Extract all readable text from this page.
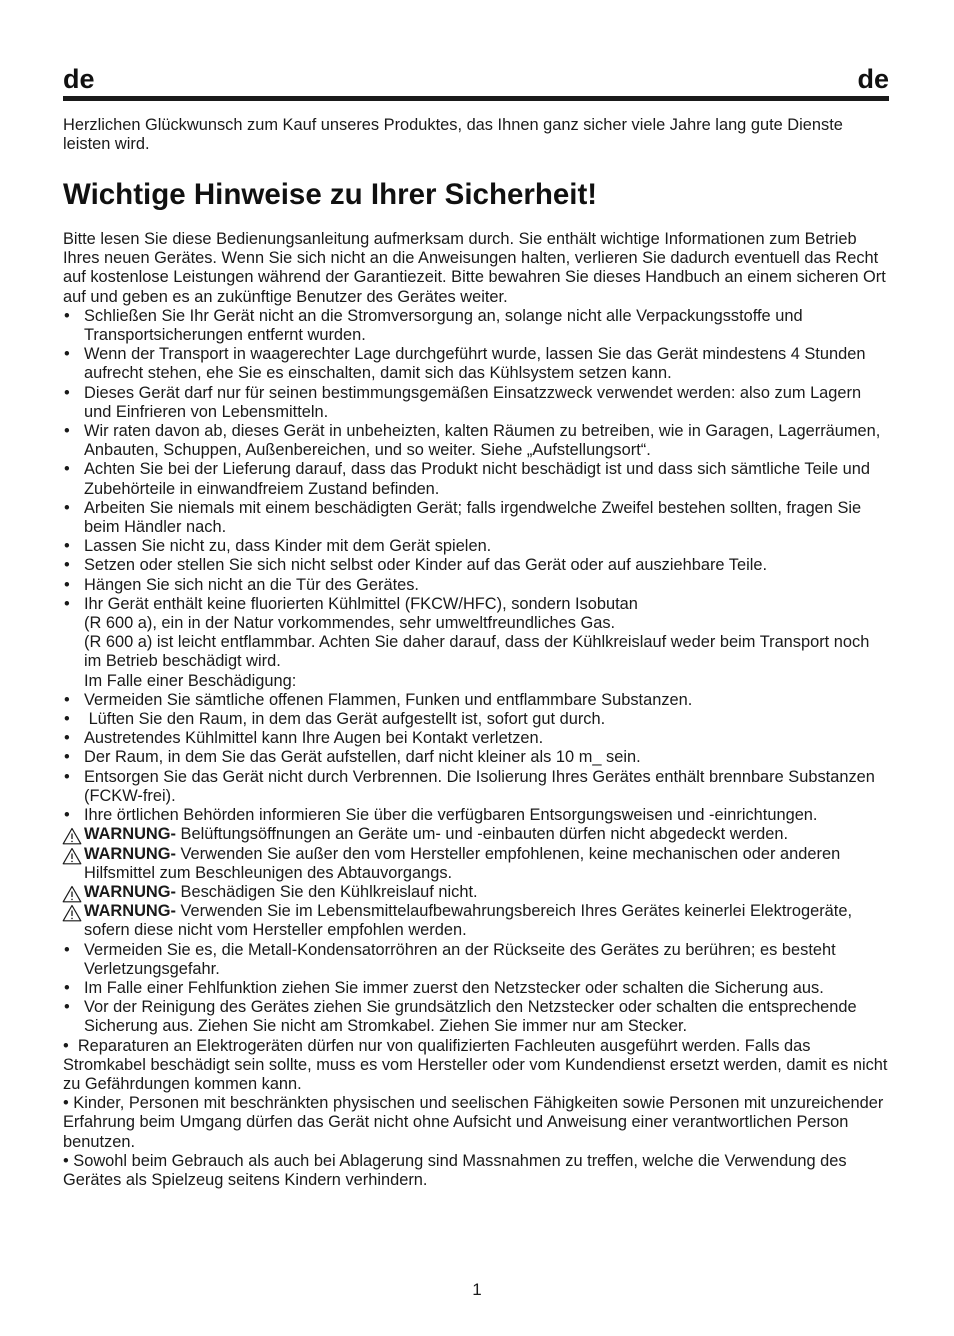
de	de

Herzlichen Glückwunsch zum Kauf unseres Produktes, das Ihnen ganz sicher viele Jahre lang gute Dienste leisten wird.

Wichtige Hinweise zu Ihrer Sicherheit!

Bitte lesen Sie diese Bedienungsanleitung aufmerksam durch. Sie enthält wichtige Informationen zum Betrieb Ihres neuen Gerätes. Wenn Sie sich nicht an die Anweisungen halten, verlieren Sie dadurch eventuell das Recht auf kostenlose Leistungen während der Garantiezeit. Bitte bewahren Sie dieses Handbuch an einem sicheren Ort auf und geben es an zukünftige Benutzer des Gerätes weiter.

• Schließen Sie Ihr Gerät nicht an die Stromversorgung an, solange nicht alle Verpackungsstoffe und Transportsicherungen entfernt wurden.
• Wenn der Transport in waagerechter Lage durchgeführt wurde, lassen Sie das Gerät mindestens 4 Stunden aufrecht stehen, ehe Sie es einschalten, damit sich das Kühlsystem setzen kann.
• Dieses Gerät darf nur für seinen bestimmungsgemäßen Einsatzzweck verwendet werden: also zum Lagern und Einfrieren von Lebensmitteln.
• Wir raten davon ab, dieses Gerät in unbeheizten, kalten Räumen zu betreiben, wie in Garagen, Lagerräumen, Anbauten, Schuppen, Außenbereichen, und so weiter. Siehe „Aufstellungsort“.
• Achten Sie bei der Lieferung darauf, dass das Produkt nicht beschädigt ist und dass sich sämtliche Teile und Zubehörteile in einwandfreiem Zustand befinden.
• Arbeiten Sie niemals mit einem beschädigten Gerät; falls irgendwelche Zweifel bestehen sollten, fragen Sie beim Händler nach.
• Lassen Sie nicht zu, dass Kinder mit dem Gerät spielen.
• Setzen oder stellen Sie sich nicht selbst oder Kinder auf das Gerät oder auf ausziehbare Teile.
• Hängen Sie sich nicht an die Tür des Gerätes.
• Ihr Gerät enthält keine fluorierten Kühlmittel (FKCW/HFC), sondern Isobutan
(R 600 a), ein in der Natur vorkommendes, sehr umweltfreundliches Gas.
(R 600 a) ist leicht entflammbar. Achten Sie daher darauf, dass der Kühlkreislauf weder beim Transport noch im Betrieb beschädigt wird.
Im Falle einer Beschädigung:
• Vermeiden Sie sämtliche offenen Flammen, Funken und entflammbare Substanzen.
• Lüften Sie den Raum, in dem das Gerät aufgestellt ist, sofort gut durch.
• Austretendes Kühlmittel kann Ihre Augen bei Kontakt verletzen.
• Der Raum, in dem Sie das Gerät aufstellen, darf nicht kleiner als 10 m_ sein.
• Entsorgen Sie das Gerät nicht durch Verbrennen. Die Isolierung Ihres Gerätes enthält brennbare Substanzen (FCKW-frei).
• Ihre örtlichen Behörden informieren Sie über die verfügbaren Entsorgungsweisen und -einrichtungen.
WARNUNG- Belüftungsöffnungen an Geräte um- und -einbauten dürfen nicht abgedeckt werden.
WARNUNG- Verwenden Sie außer den vom Hersteller empfohlenen, keine mechanischen oder anderen Hilfsmittel zum Beschleunigen des Abtauvorgangs.
WARNUNG- Beschädigen Sie den Kühlkreislauf nicht.
WARNUNG- Verwenden Sie im Lebensmittelaufbewahrungsbereich Ihres Gerätes keinerlei Elektrogeräte, sofern diese nicht vom Hersteller empfohlen werden.
• Vermeiden Sie es, die Metall-Kondensatorröhren an der Rückseite des Gerätes zu berühren; es besteht Verletzungsgefahr.
• Im Falle einer Fehlfunktion ziehen Sie immer zuerst den Netzstecker oder schalten die Sicherung aus.
• Vor der Reinigung des Gerätes ziehen Sie grundsätzlich den Netzstecker oder schalten die entsprechende Sicherung aus. Ziehen Sie nicht am Stromkabel. Ziehen Sie immer nur am Stecker.

•  Reparaturen an Elektrogeräten dürfen nur von qualifizierten Fachleuten ausgeführt werden. Falls das Stromkabel beschädigt sein sollte, muss es vom Hersteller oder vom Kundendienst ersetzt werden, damit es nicht zu Gefährdungen kommen kann.

• Kinder, Personen mit beschränkten physischen und seelischen Fähigkeiten sowie Personen mit unzureichender Erfahrung beim Umgang dürfen das Gerät nicht ohne Aufsicht und Anweisung einer verantwortlichen Person benutzen.

• Sowohl beim Gebrauch als auch bei Ablagerung sind Massnahmen zu treffen, welche die Verwendung des Gerätes als Spielzeug seitens Kindern verhindern.

1
